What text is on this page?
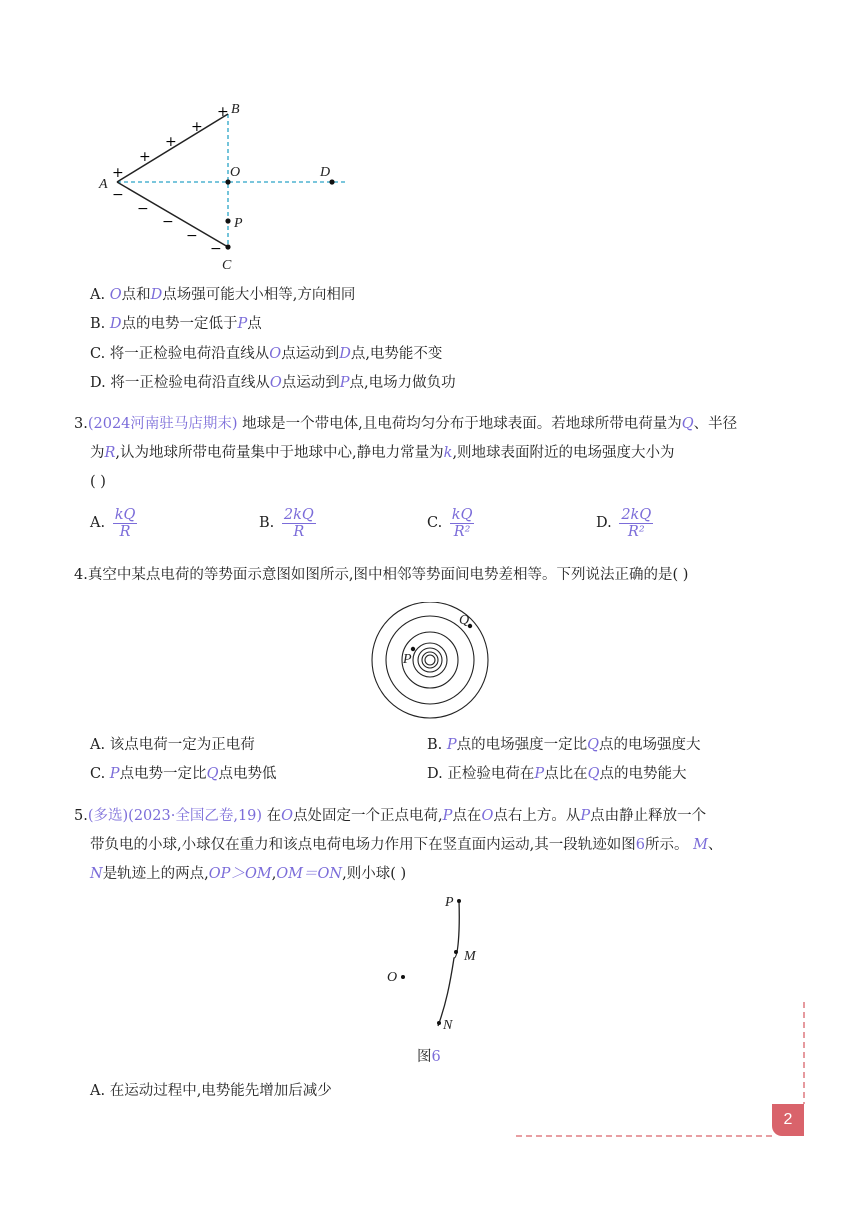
+
+
+
+
+
−
−
−
−
−
A
B
C
D
O
P
A. O点和D点场强可能大小相等,方向相同
B. D点的电势一定低于P点
C. 将一正检验电荷沿直线从O点运动到D点,电势能不变
D. 将一正检验电荷沿直线从O点运动到P点,电场力做负功
3.(2024河南驻马店期末) 地球是一个带电体,且电荷均匀分布于地球表面。若地球所带电荷量为Q、半径
为R,认为地球所带电荷量集中于地球中心,静电力常量为k,则地球表面附近的电场强度大小为
( )
A. $\frac{kQ}{R}$	B. $\frac{2kQ}{R}$	C. $\frac{kQ}{\text{R²}}$	D. $\frac{2kQ}{\text{R²}}$
4.真空中某点电荷的等势面示意图如图所示,图中相邻等势面间电势差相等。下列说法正确的是( )
Q
P
A. 该点电荷一定为正电荷	B. P点的电场强度一定比Q点的电场强度大
C. P点电势一定比Q点电势低	D. 正检验电荷在P点比在Q点的电势能大
5.(多选)(2023·全国乙卷,19) 在O点处固定一个正点电荷,P点在O点右上方。从P点由静止释放一个
带负电的小球,小球仅在重力和该点电荷电场力作用下在竖直面内运动,其一段轨迹如图6所示。 M、
N是轨迹上的两点,OP＞OM,OM＝ON,则小球( )
P
M
O
N
图6
A. 在运动过程中,电势能先增加后减少
2
